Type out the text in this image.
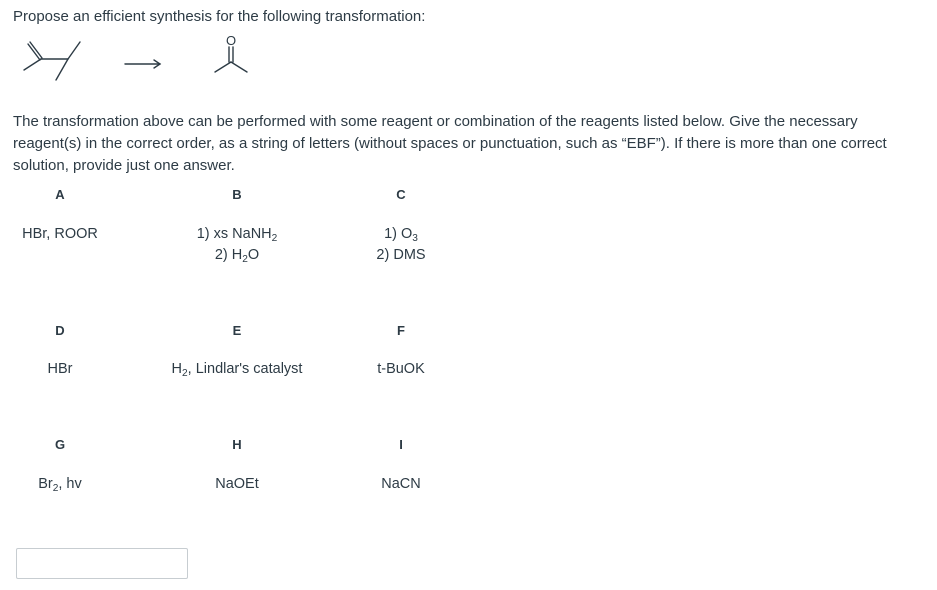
Propose an efficient synthesis for the following transformation:
O
The transformation above can be performed with some reagent or combination of the reagents listed below. Give the necessary reagent(s) in the correct order, as a string of letters (without spaces or punctuation, such as “EBF”). If there is more than one correct solution, provide just one answer.
A
HBr, ROOR
B
1) xs NaNH$_2$
2) $H_2O$
C
1) $O_3$
2) DMS
D
HBr
E
$H_2$, Lindlar's catalyst
F
t-BuOK
G
$Br_2$, hv
H
NaOEt
I
NaCN
